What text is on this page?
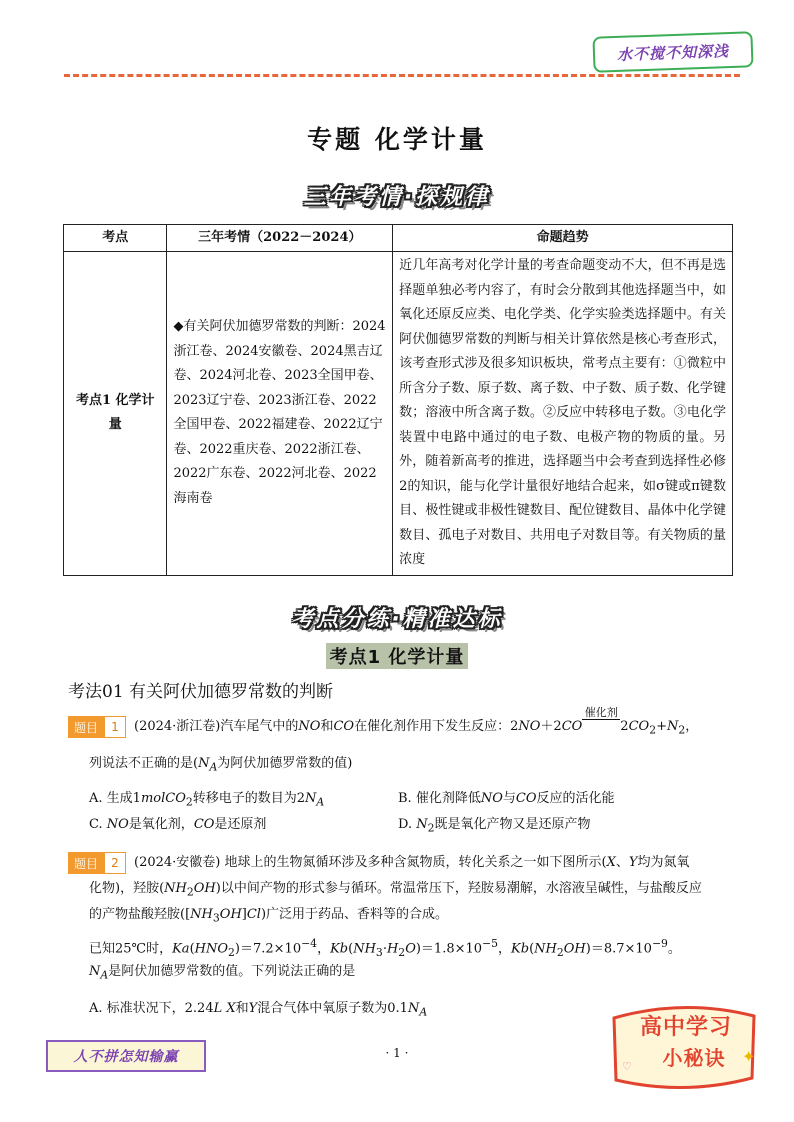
水不搅不知深浅
专题 化学计量
三年考情·探规律
考点	三年考情（2022－2024）	命题趋势
考点1 化学计量	◆有关阿伏加德罗常数的判断：2024浙江卷、2024安徽卷、2024黑吉辽卷、2024河北卷、2023全国甲卷、2023辽宁卷、2023浙江卷、2022全国甲卷、2022福建卷、2022辽宁卷、2022重庆卷、2022浙江卷、2022广东卷、2022河北卷、2022海南卷	近几年高考对化学计量的考查命题变动不大，但不再是选择题单独必考内容了，有时会分散到其他选择题当中，如氧化还原反应类、电化学类、化学实验类选择题中。有关阿伏伽德罗常数的判断与相关计算依然是核心考查形式，该考查形式涉及很多知识板块，常考点主要有：①微粒中所含分子数、原子数、离子数、中子数、质子数、化学键数；溶液中所含离子数。②反应中转移电子数。③电化学装置中电路中通过的电子数、电极产物的物质的量。另外，随着新高考的推进，选择题当中会考查到选择性必修2的知识，能与化学计量很好地结合起来，如σ键或π键数目、极性键或非极性键数目、配位键数目、晶体中化学键数目、孤电子对数目、共用电子对数目等。有关物质的量浓度
考点分练·精准达标
考点1 化学计量
考法01 有关阿伏加德罗常数的判断
题目	1	(2024·浙江卷)汽车尾气中的NO和CO在催化剂作用下发生反应：2NO＋2CO
催化剂
$2CO_2+N_2$，
列说法不正确的是($N_A$为阿伏加德罗常数的值)
A. 生成1molCO$_2$转移电子的数目为$2N_A$	B. 催化剂降低NO与CO反应的活化能
C. NO是氧化剂，CO是还原剂	D. $N_2$既是氧化产物又是还原产物
题目	2	(2024·安徽卷) 地球上的生物氮循环涉及多种含氮物质，转化关系之一如下图所示(X、Y均为氮氧
化物)，羟胺$(NH_2OH)$以中间产物的形式参与循环。常温常压下，羟胺易潮解，水溶液呈碱性，与盐酸反应
的产物盐酸羟胺$([NH_3OH]Cl)$广泛用于药品、香料等的合成。
已知25℃时，$Ka(HNO_2)=7.2\times 10^{-4}$，$Kb(NH_3\cdot H_2O)=1.8\times 10^{-5}$，$Kb(NH_2OH)=8.7\times 10^{-9}$。
$N_A$是阿伏加德罗常数的值。下列说法正确的是
A. 标准状况下，2.24L X和Y混合气体中氧原子数为$0.1N_A$
人不拼怎知输赢	· 1 ·	✦
♡
高中学习
小秘诀
